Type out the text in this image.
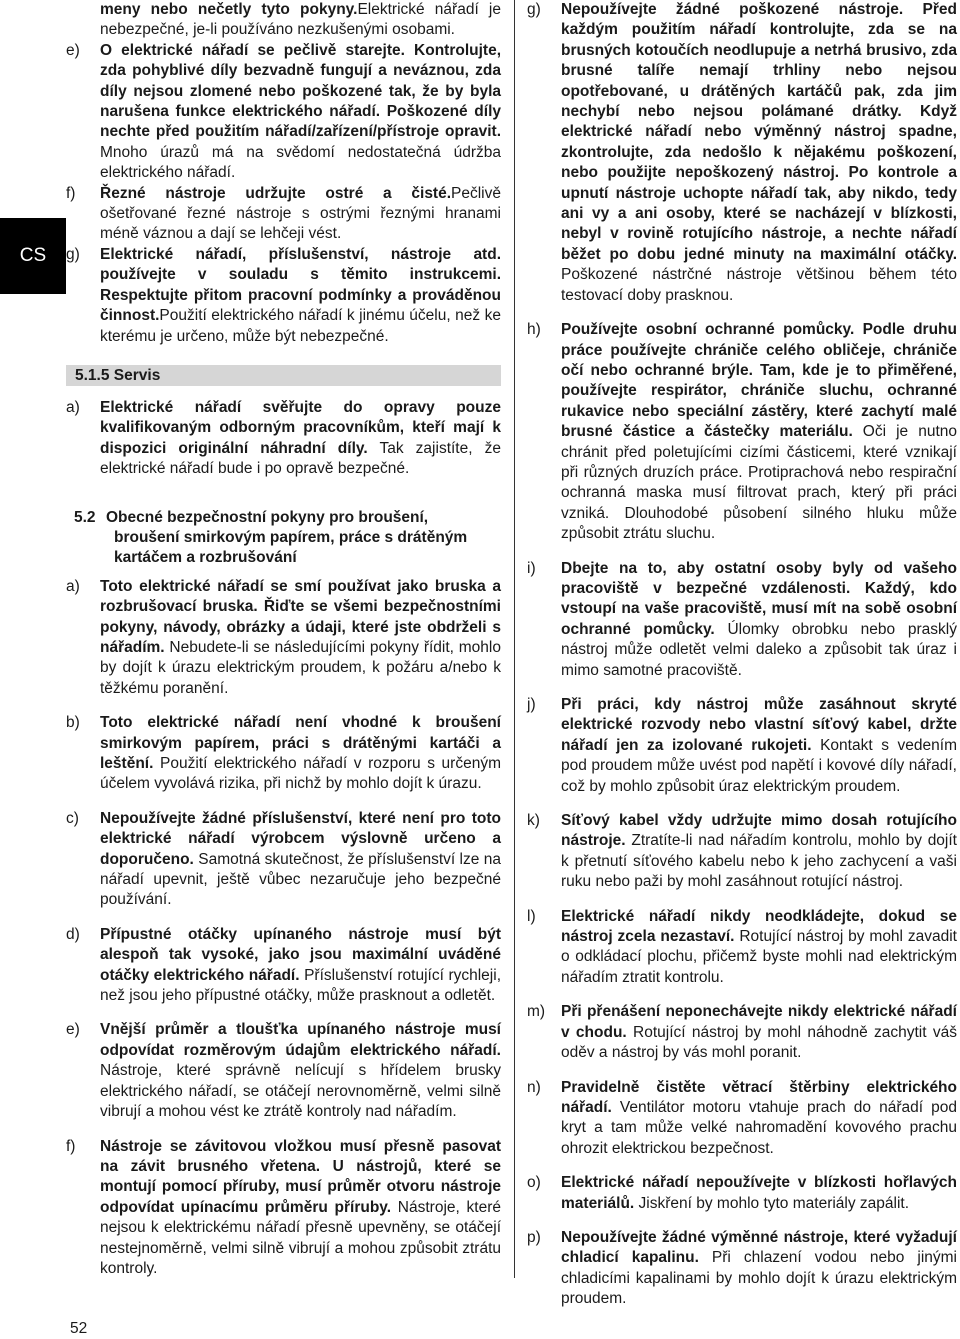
CS
meny nebo nečetly tyto pokyny.Elektrické nářadí je nebezpečné, je-li používáno nezkušenými osobami.
e) O elektrické nářadí se pečlivě starejte. Kontrolujte, zda pohyblivé díly bezvadně fungují a neváznou, zda díly nejsou zlomené nebo poškozené tak, že by byla narušena funkce elektrického nářadí. Poškozené díly nechte před použitím nářadí/zařízení/přístroje opravit. Mnoho úrazů má na svědomí nedostatečná údržba elektrického nářadí.
f) Řezné nástroje udržujte ostré a čisté.Pečlivě ošetřované řezné nástroje s ostrými řeznými hranami méně váznou a dají se lehčeji vést.
g) Elektrické nářadí, příslušenství, nástroje atd. používejte v souladu s těmito instrukcemi. Respektujte přitom pracovní podmínky a prováděnou činnost.Použití elektrického nářadí k jinému účelu, než ke kterému je určeno, může být nebezpečné.
5.1.5 Servis
a) Elektrické nářadí svěřujte do opravy pouze kvalifikovaným odborným pracovníkům, kteří mají k dispozici originální náhradní díly. Tak zajistíte, že elektrické nářadí bude i po opravě bezpečné.
5.2 Obecné bezpečnostní pokyny pro broušení,
broušení smirkovým papírem, práce s drátěným kartáčem a rozbrušování
a) Toto elektrické nářadí se smí používat jako bruska a rozbrušovací bruska. Řiďte se všemi bezpečnostními pokyny, návody, obrázky a údaji, které jste obdrželi s nářadím. Nebudete-li se následujícími pokyny řídit, mohlo by dojít k úrazu elektrickým proudem, k požáru a/nebo k těžkému poranění.
b) Toto elektrické nářadí není vhodné k broušení smirkovým papírem, práci s drátěnými kartáči a leštění. Použití elektrického nářadí v rozporu s určeným účelem vyvolává rizika, při nichž by mohlo dojít k úrazu.
c) Nepoužívejte žádné příslušenství, které není pro toto elektrické nářadí výrobcem výslovně určeno a doporučeno. Samotná skutečnost, že příslušenství lze na nářadí upevnit, ještě vůbec nezaručuje jeho bezpečné používání.
d) Přípustné otáčky upínaného nástroje musí být alespoň tak vysoké, jako jsou maximální uváděné otáčky elektrického nářadí. Příslušenství rotující rychleji, než jsou jeho přípustné otáčky, může prasknout a odletět.
e) Vnější průměr a tloušťka upínaného nástroje musí odpovídat rozměrovým údajům elektrického nářadí. Nástroje, které správně nelícují s hřídelem brusky elektrického nářadí, se otáčejí nerovnoměrně, velmi silně vibrují a mohou vést ke ztrátě kontroly nad nářadím.
f) Nástroje se závitovou vložkou musí přesně pasovat na závit brusného vřetena. U nástrojů, které se montují pomocí příruby, musí průměr otvoru nástroje odpovídat upínacímu průměru příruby. Nástroje, které nejsou k elektrickému nářadí přesně upevněny, se otáčejí nestejnoměrně, velmi silně vibrují a mohou způsobit ztrátu kontroly.
g) Nepoužívejte žádné poškozené nástroje. Před každým použitím nářadí kontrolujte, zda se na brusných kotoučích neodlupuje a netrhá brusivo, zda brusné talíře nemají trhliny nebo nejsou opotřebované, u drátěných kartáčů pak, zda jim nechybí nebo nejsou polámané drátky. Když elektrické nářadí nebo výměnný nástroj spadne, zkontrolujte, zda nedošlo k nějakému poškození, nebo použijte nepoškozený nástroj. Po kontrole a upnutí nástroje uchopte nářadí tak, aby nikdo, tedy ani vy a ani osoby, které se nacházejí v blízkosti, nebyl v rovině rotujícího nástroje, a nechte nářadí běžet po dobu jedné minuty na maximální otáčky. Poškozené nástrčné nástroje většinou během této testovací doby prasknou.
h) Používejte osobní ochranné pomůcky. Podle druhu práce používejte chrániče celého obličeje, chrániče očí nebo ochranné brýle. Tam, kde je to přiměřené, používejte respirátor, chrániče sluchu, ochranné rukavice nebo speciální zástěry, které zachytí malé brusné částice a částečky materiálu. Oči je nutno chránit před poletujícími cizími částicemi, které vznikají při různých druzích práce. Protiprachová nebo respirační ochranná maska musí filtrovat prach, který při práci vzniká. Dlouhodobé působení silného hluku může způsobit ztrátu sluchu.
i) Dbejte na to, aby ostatní osoby byly od vašeho pracoviště v bezpečné vzdálenosti. Každý, kdo vstoupí na vaše pracoviště, musí mít na sobě osobní ochranné pomůcky. Úlomky obrobku nebo prasklý nástroj může odletět velmi daleko a způsobit tak úraz i mimo samotné pracoviště.
j) Při práci, kdy nástroj může zasáhnout skryté elektrické rozvody nebo vlastní síťový kabel, držte nářadí jen za izolované rukojeti. Kontakt s vedením pod proudem může uvést pod napětí i kovové díly nářadí, což by mohlo způsobit úraz elektrickým proudem.
k) Síťový kabel vždy udržujte mimo dosah rotujícího nástroje. Ztratíte-li nad nářadím kontrolu, mohlo by dojít k přetnutí síťového kabelu nebo k jeho zachycení a vaši ruku nebo paži by mohl zasáhnout rotující nástroj.
l) Elektrické nářadí nikdy neodkládejte, dokud se nástroj zcela nezastaví. Rotující nástroj by mohl zavadit o odkládací plochu, přičemž byste mohli nad elektrickým nářadím ztratit kontrolu.
m) Při přenášení neponechávejte nikdy elektrické nářadí v chodu. Rotující nástroj by mohl náhodně zachytit váš oděv a nástroj by vás mohl poranit.
n) Pravidelně čistěte větrací štěrbiny elektrického nářadí. Ventilátor motoru vtahuje prach do nářadí pod kryt a tam může velké nahromadění kovového prachu ohrozit elektrickou bezpečnost.
o) Elektrické nářadí nepoužívejte v blízkosti hořlavých materiálů. Jiskření by mohlo tyto materiály zapálit.
p) Nepoužívejte žádné výměnné nástroje, které vyžadují chladicí kapalinu. Při chlazení vodou nebo jinými chladicími kapalinami by mohlo dojít k úrazu elektrickým proudem.
52
